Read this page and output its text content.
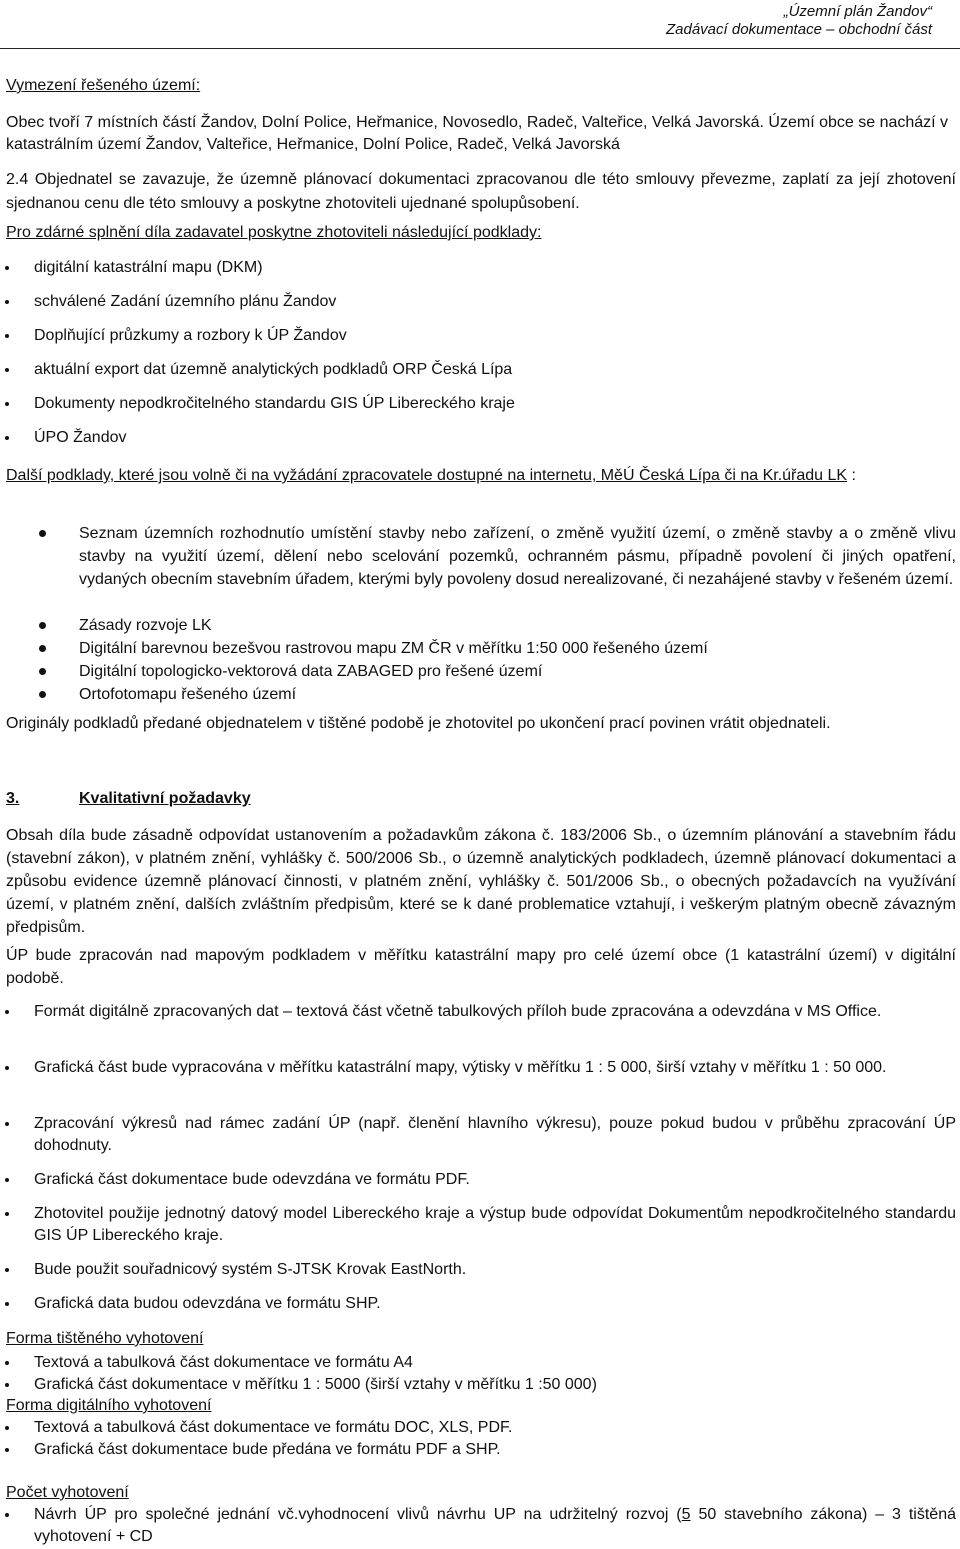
„Územní plán Žandov“
Zadávací dokumentace – obchodní část
Vymezení řešeného území:

Obec tvoří 7 místních částí Žandov, Dolní Police, Heřmanice, Novosedlo, Radeč, Valteřice, Velká Javorská. Území obce se nachází v katastrálním území Žandov, Valteřice, Heřmanice, Dolní Police, Radeč, Velká Javorská

2.4 Objednatel se zavazuje, že územně plánovací dokumentaci zpracovanou dle této smlouvy převezme, zaplatí za její zhotovení sjednanou cenu dle této smlouvy a poskytne zhotoviteli ujednané spolupůsobení.

Pro zdárné splnění díla zadavatel poskytne zhotoviteli následující podklady:
digitální katastrální mapu (DKM)
schválené Zadání územního plánu Žandov
Doplňující průzkumy a rozbory k ÚP Žandov
aktuální export dat územně analytických podkladů ORP Česká Lípa
Dokumenty nepodkročitelného standardu GIS ÚP Libereckého kraje
ÚPO Žandov

Další podklady, které jsou volně či na vyžádání zpracovatele dostupné na internetu, MěÚ Česká Lípa či na Kr.úřadu LK :

Seznam územních rozhodnutío umístění stavby nebo zařízení, o změně využití území, o změně stavby a o změně vlivu stavby na využití území, dělení nebo scelování pozemků, ochranném pásmu, případně povolení či jiných opatření, vydaných obecním stavebním úřadem, kterými byly povoleny dosud nerealizované, či nezahájené stavby v řešeném území.
Zásady rozvoje LK
Digitální barevnou bezešvou rastrovou mapu ZM ČR v měřítku 1:50 000 řešeného území
Digitální topologicko-vektorová data ZABAGED pro řešené území
Ortofotomapu řešeného území

Originály podkladů předané objednatelem v tištěné podobě je zhotovitel po ukončení prací povinen vrátit objednateli.

3.	Kvalitativní požadavky

Obsah díla bude zásadně odpovídat ustanovením a požadavkům zákona č. 183/2006 Sb., o územním plánování a stavebním řádu (stavební zákon), v platném znění, vyhlášky č. 500/2006 Sb., o územně analytických podkladech, územně plánovací dokumentaci a způsobu evidence územně plánovací činnosti, v platném znění, vyhlášky č. 501/2006 Sb., o obecných požadavcích na využívání území, v platném znění, dalších zvláštním předpisům, které se k dané problematice vztahují, i veškerým platným obecně závazným předpisům.

ÚP bude zpracován nad mapovým podkladem v měřítku katastrální mapy pro celé území obce (1 katastrální území) v digitální podobě.

Formát digitálně zpracovaných dat – textová část včetně tabulkových příloh bude zpracována a odevzdána v MS Office.
Grafická část bude vypracována v měřítku katastrální mapy, výtisky v měřítku 1 : 5 000, širší vztahy v měřítku 1 : 50 000.
Zpracování výkresů nad rámec zadání ÚP (např. členění hlavního výkresu), pouze pokud budou v průběhu zpracování ÚP dohodnuty.
Grafická část dokumentace bude odevzdána ve formátu PDF.
Zhotovitel použije jednotný datový model Libereckého kraje a výstup bude odpovídat Dokumentům nepodkročitelného standardu GIS ÚP Libereckého kraje.
Bude použit souřadnicový systém S-JTSK Krovak EastNorth.
Grafická data budou odevzdána ve formátu SHP.
Forma tištěného vyhotovení
Textová a tabulková část dokumentace ve formátu A4
Grafická část dokumentace v měřítku 1 : 5000 (širší vztahy v měřítku 1 :50 000)
Forma digitálního vyhotovení
Textová a tabulková část dokumentace ve formátu DOC, XLS, PDF.
Grafická část dokumentace bude předána ve formátu PDF a SHP.
Počet vyhotovení
Návrh ÚP pro společné jednání vč.vyhodnocení vlivů návrhu UP na udržitelný rozvoj (5 50 stavebního zákona) – 3 tištěná vyhotovení + CD
